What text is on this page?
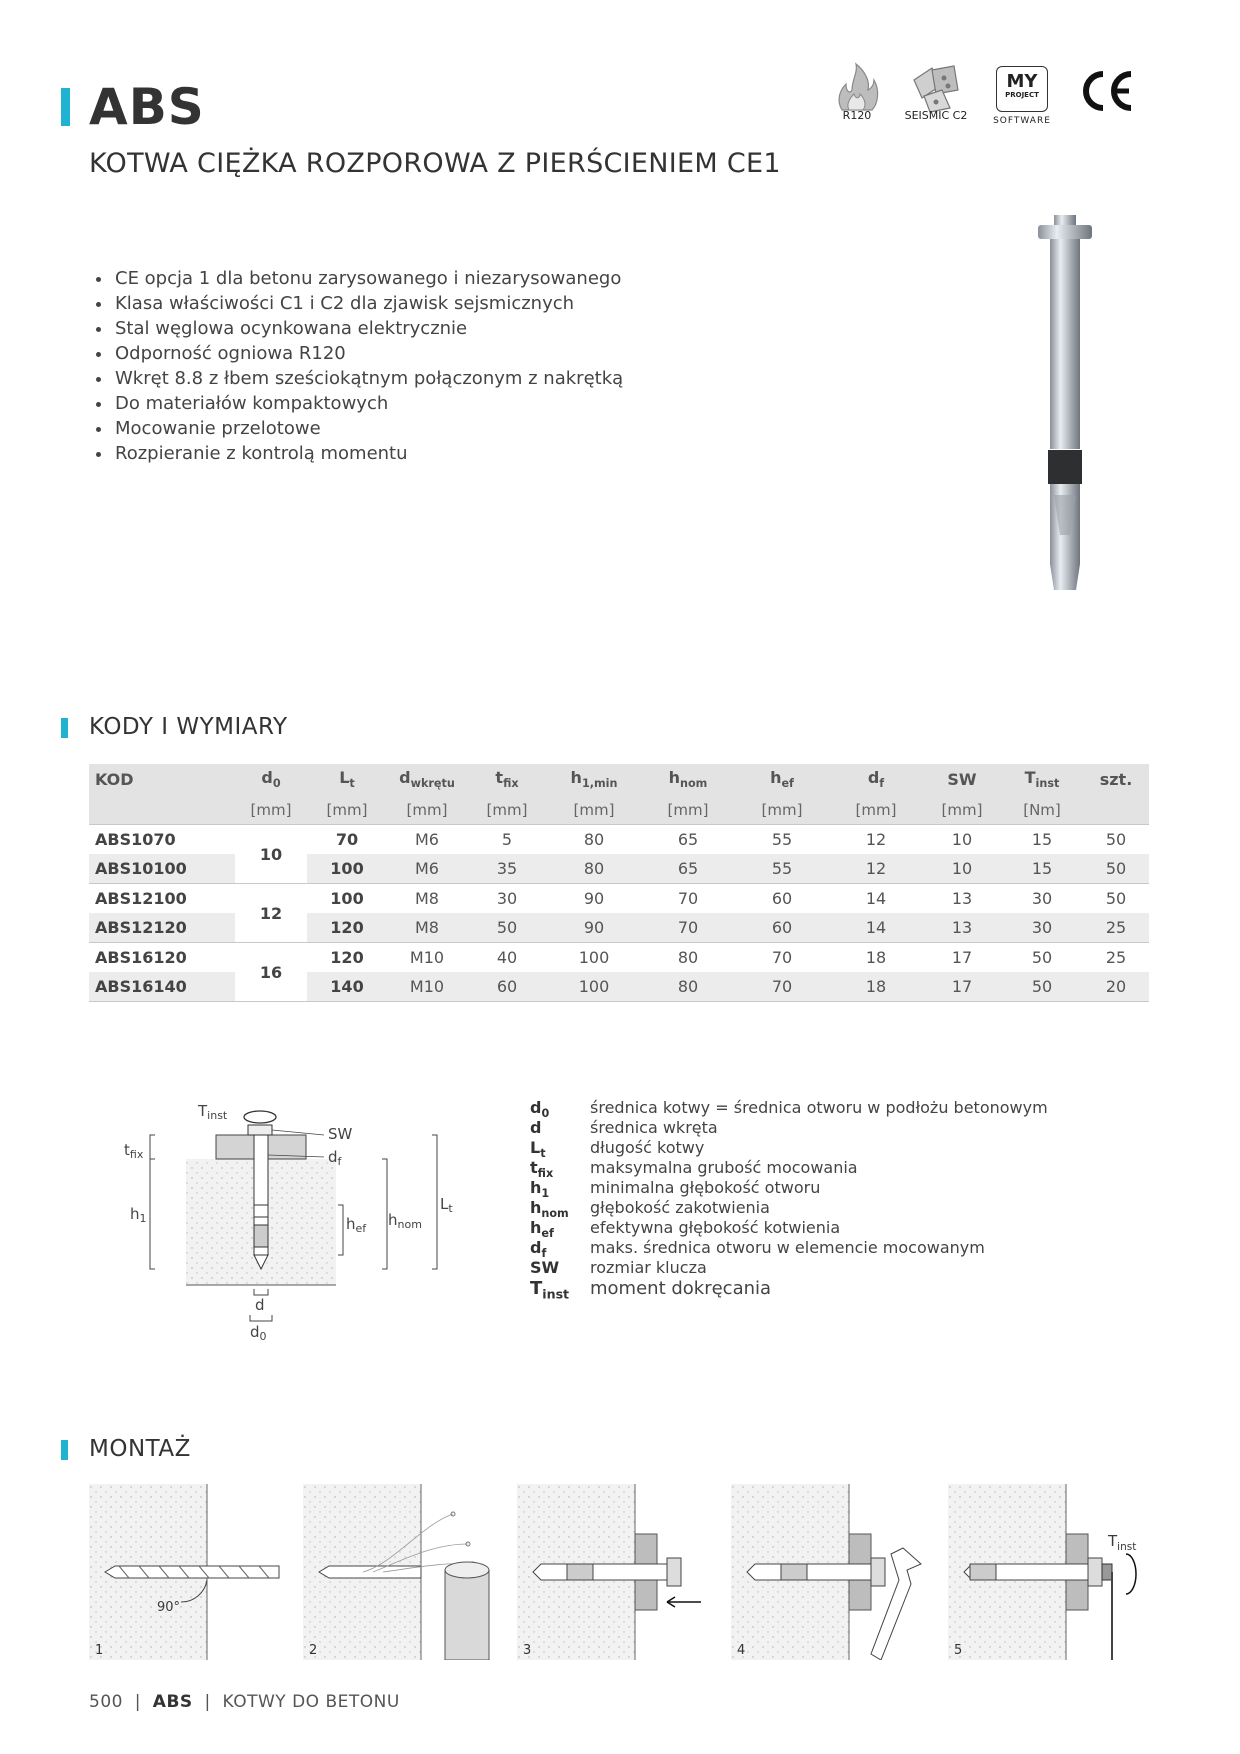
ABS
KOTWA CIĘŻKA ROZPOROWA Z PIERŚCIENIEM CE1
R120	SEISMIC C2
MY
PROJECT
SOFTWARE
• CE opcja 1 dla betonu zarysowanego i niezarysowanego
• Klasa właściwości C1 i C2 dla zjawisk sejsmicznych
• Stal węglowa ocynkowana elektrycznie
• Odporność ogniowa R120
• Wkręt 8.8 z łbem sześciokątnym połączonym z nakrętką
• Do materiałów kompaktowych
• Mocowanie przelotowe
• Rozpieranie z kontrolą momentu
KODY I WYMIARY
KOD	$d_0$	$L_t$	$d_{wkrętu}$	$t_{fix}$	$h_{1,min}$	$h_{nom}$	$h_{ef}$	$d_f$	SW	$T_{inst}$	szt.
	[mm]	[mm]	[mm]	[mm]	[mm]	[mm]	[mm]	[mm]	[mm]	[Nm]	
ABS1070	10	70	M6	5	80	65	55	12	10	15	50
ABS10100		100	M6	35	80	65	55	12	10	15	50
ABS12100	12	100	M8	30	90	70	60	14	13	30	50
ABS12120		120	M8	50	90	70	60	14	13	30	25
ABS16120	16	120	M10	40	100	80	70	18	17	50	25
ABS16140		140	M10	60	100	80	70	18	17	50	20
$T_{inst}$
SW
$d_f$
$t_{fix}$
$h_1$	$h_{ef}$ $h_{nom}$
$L_t$
d
$d_0$
$d_0$	średnica kotwy = średnica otworu w podłożu betonowym
d	średnica wkręta
$L_t$	długość kotwy
$t_{fix}$	maksymalna grubość mocowania
$h_1$	minimalna głębokość otworu
$h_{nom}$	głębokość zakotwienia
$h_{ef}$	efektywna głębokość kotwienia
$d_f$	maks. średnica otworu w elemencie mocowanym
SW	rozmiar klucza
$T_{inst}$	moment dokręcania
MONTAŻ
90°
1	2	3	4
$T_{inst}$
5
500  |  ABS  |  KOTWY DO BETONU
